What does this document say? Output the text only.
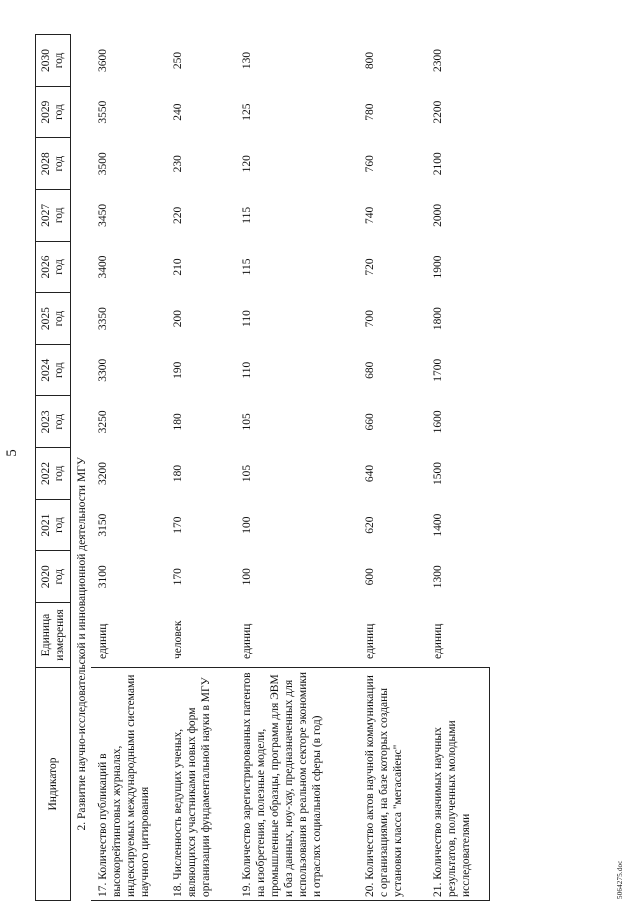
5
Индикатор	Единица измерения	2020 год	2021 год	2022 год	2023 год	2024 год	2025 год	2026 год	2027 год	2028 год	2029 год	2030 год

2. Развитие научно-исследовательской и инновационной деятельности МГУ												
17. Количество публикаций в высокорейтинговых журналах, индексируемых международными системами научного цитирования	единиц	3100	3150	3200	3250	3300	3350	3400	3450	3500	3550	3600
18. Численность ведущих ученых, являющихся участниками новых форм организации фундаментальной науки в МГУ	человек	170	170	180	180	190	200	210	220	230	240	250
19. Количество зарегистрированных патентов на изобретения, полезные модели, промышленные образцы, программ для ЭВМ и баз данных, ноу-хау, предназначенных для использования в реальном секторе экономики и отраслях социальной сферы (в год)	единиц	100	100	105	105	110	110	115	115	120	125	130
20. Количество актов научной коммуникации с организациями, на базе которых созданы установки класса "мегасайенс"	единиц	600	620	640	660	680	700	720	740	760	780	800
21. Количество значимых научных результатов, полученных молодыми исследователями	единиц	1300	1400	1500	1600	1700	1800	1900	2000	2100	2200	2300
5064275.doc
